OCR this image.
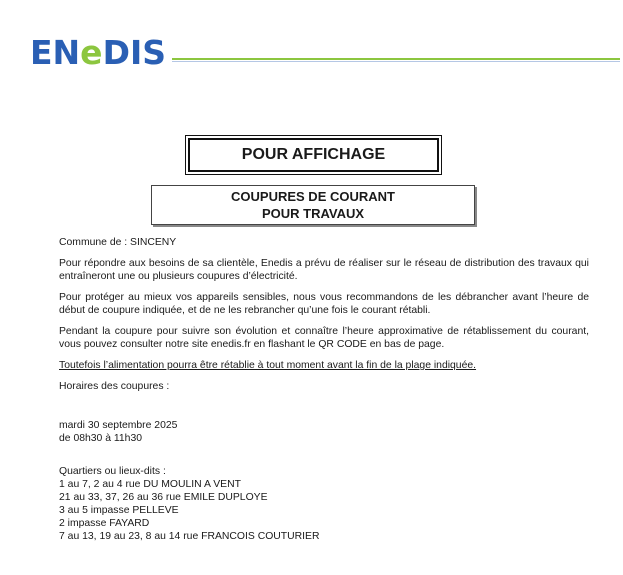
ENeDIS
POUR AFFICHAGE
COUPURES DE COURANT
POUR TRAVAUX

Commune de : SINCENY

Pour répondre aux besoins de sa clientèle, Enedis a prévu de réaliser sur le réseau de distribution des travaux qui entraîneront une ou plusieurs coupures d’électricité.

Pour protéger au mieux vos appareils sensibles, nous vous recommandons de les débrancher avant l’heure de début de coupure indiquée, et de ne les rebrancher qu’une fois le courant rétabli.

Pendant la coupure pour suivre son évolution et connaître l’heure approximative de rétablissement du courant, vous pouvez consulter notre site enedis.fr en flashant le QR CODE en bas de page.

Toutefois l’alimentation pourra être rétablie à tout moment avant la fin de la plage indiquée.

Horaires des coupures :

mardi 30 septembre 2025

de 08h30 à 11h30

Quartiers ou lieux-dits :

1 au 7, 2 au 4 rue DU MOULIN A VENT

21 au 33, 37, 26 au 36 rue EMILE DUPLOYE

3 au 5 impasse PELLEVE

2 impasse FAYARD

7 au 13, 19 au 23, 8 au 14 rue FRANCOIS COUTURIER
